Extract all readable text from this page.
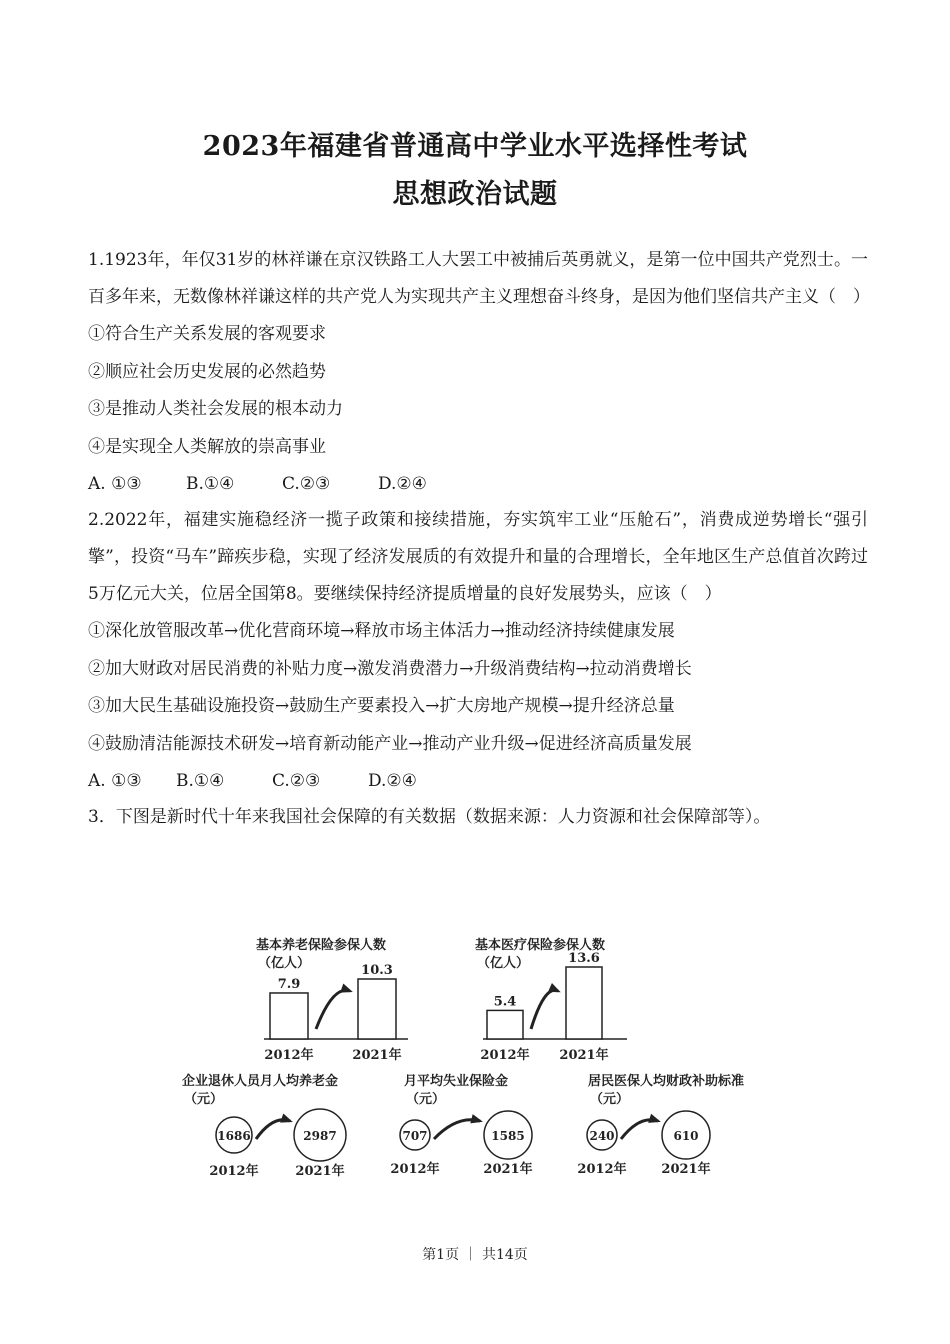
2023年福建省普通高中学业水平选择性考试
思想政治试题

1.1923年，年仅31岁的林祥谦在京汉铁路工人大罢工中被捕后英勇就义，是第一位中国共产党烈士。一百多年来，无数像林祥谦这样的共产党人为实现共产主义理想奋斗终身，是因为他们坚信共产主义（　）

①符合生产关系发展的客观要求

②顺应社会历史发展的必然趋势

③是推动人类社会发展的根本动力

④是实现全人类解放的崇高事业

A. ①③	B.①④	C.②③	D.②④

2.2022年，福建实施稳经济一揽子政策和接续措施，夯实筑牢工业“压舱石”，消费成逆势增长“强引擎”，投资“马车”蹄疾步稳，实现了经济发展质的有效提升和量的合理增长，全年地区生产总值首次跨过5万亿元大关，位居全国第8。要继续保持经济提质增量的良好发展势头，应该（　）

①深化放管服改革→优化营商环境→释放市场主体活力→推动经济持续健康发展

②加大财政对居民消费的补贴力度→激发消费潜力→升级消费结构→拉动消费增长

③加大民生基础设施投资→鼓励生产要素投入→扩大房地产规模→提升经济总量

④鼓励清洁能源技术研发→培育新动能产业→推动产业升级→促进经济高质量发展

A. ①③	B.①④	C.②③	D.②④

3．下图是新时代十年来我国社会保障的有关数据（数据来源：人力资源和社会保障部等）。

基本养老保险参保人数
（亿人）
7.9
2012年
10.3
2021年
基本医疗保险参保人数
（亿人）
5.4
2012年
13.6
2021年
企业退休人员月人均养老金
（元）
1686
2012年
2987
2021年
月平均失业保险金
（元）
707
2012年
1585
2021年
居民医保人均财政补助标准
（元）
240
2012年
610
2021年
第1页 ｜ 共14页
